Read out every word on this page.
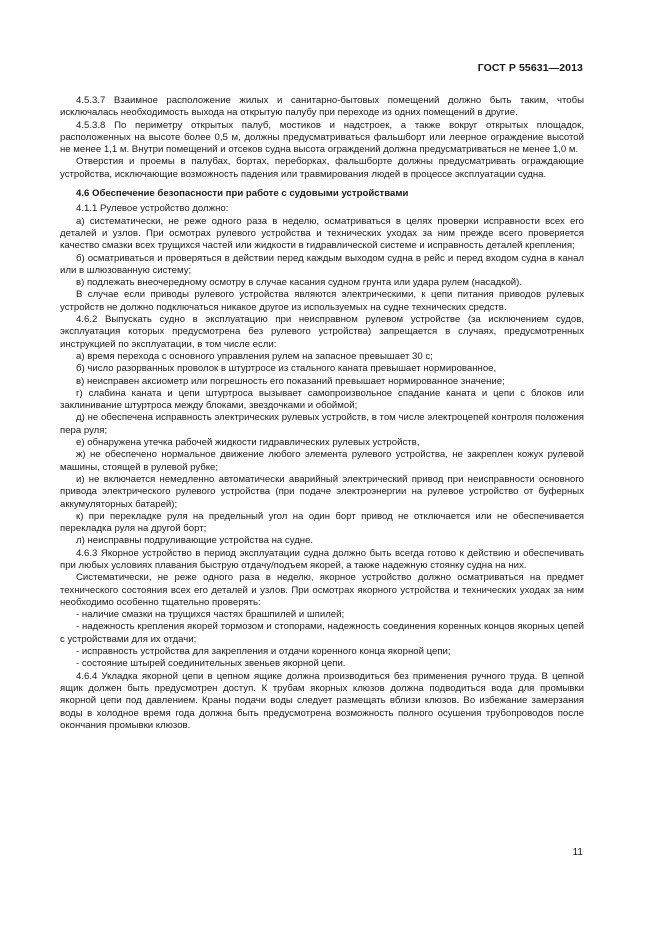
ГОСТ Р 55631—2013

4.5.3.7 Взаимное расположение жилых и санитарно-бытовых помещений должно быть таким, чтобы исключалась необходимость выхода на открытую палубу при переходе из одних помещений в другие.

4.5.3.8 По периметру открытых палуб, мостиков и надстроек, а также вокруг открытых площадок, расположенных на высоте более 0,5 м, должны предусматриваться фальшборт или леерное ограждение высотой не менее 1,1 м. Внутри помещений и отсеков судна высота ограждений должна предусматриваться не менее 1,0 м.

Отверстия и проемы в палубах, бортах, переборках, фальшборте должны предусматривать ограждающие устройства, исключающие возможность падения или травмирования людей в процессе эксплуатации судна.

4.6 Обеспечение безопасности при работе с судовыми устройствами

4.1.1 Рулевое устройство должно:

а) систематически, не реже одного раза в неделю, осматриваться в целях проверки исправности всех его деталей и узлов. При осмотрах рулевого устройства и технических уходах за ним прежде всего проверяется качество смазки всех трущихся частей или жидкости в гидравлической системе и исправность деталей крепления;

б) осматриваться и проверяться в действии перед каждым выходом судна в рейс и перед входом судна в канал или в шлюзованную систему;

в) подлежать внеочередному осмотру в случае касания судном грунта или удара рулем (насадкой).

В случае если приводы рулевого устройства являются электрическими, к цепи питания приводов рулевых устройств не должно подключаться никакое другое из используемых на судне технических средств.

4.6.2 Выпускать судно в эксплуатацию при неисправном рулевом устройстве (за исключением судов, эксплуатация которых предусмотрена без рулевого устройства) запрещается в случаях, предусмотренных инструкцией по эксплуатации, в том числе если:

а) время перехода с основного управления рулем на запасное превышает 30 с;

б) число разорванных проволок в штуртросе из стального каната превышает нормированное,

в) неисправен аксиометр или погрешность его показаний превышает нормированное значение;

г) слабина каната и цепи штуртроса вызывает самопроизвольное спадание каната и цепи с блоков или заклинивание штуртроса между блоками, звездочками и обоймой;

д) не обеспечена исправность электрических рулевых устройств, в том числе электроцепей контроля положения пера руля;

е) обнаружена утечка рабочей жидкости гидравлических рулевых устройств,

ж) не обеспечено нормальное движение любого элемента рулевого устройства, не закреплен кожух рулевой машины, стоящей в рулевой рубке;

и) не включается немедленно автоматически аварийный электрический привод при неисправности основного привода электрического рулевого устройства (при подаче электроэнергии на рулевое устройство от буферных аккумуляторных батарей);

к) при перекладке руля на предельный угол на один борт привод не отключается или не обеспечивается перекладка руля на другой борт;

л) неисправны подруливающие устройства на судне.

4.6.3 Якорное устройство в период эксплуатации судна должно быть всегда готово к действию и обеспечивать при любых условиях плавания быструю отдачу/подъем якорей, а также надежную стоянку судна на них.

Систематически, не реже одного раза в неделю, якорное устройство должно осматриваться на предмет технического состояния всех его деталей и узлов. При осмотрах якорного устройства и технических уходах за ним необходимо особенно тщательно проверять:

- наличие смазки на трущихся частях брашпилей и шпилей;

- надежность крепления якорей тормозом и стопорами, надежность соединения коренных концов якорных цепей с устройствами для их отдачи;

- исправность устройства для закрепления и отдачи коренного конца якорной цепи;

- состояние штырей соединительных звеньев якорной цепи.

4.6.4 Укладка якорной цепи в цепном ящике должна производиться без применения ручного труда. В цепной ящик должен быть предусмотрен доступ. К трубам якорных клюзов должна подводиться вода для промывки якорной цепи под давлением. Краны подачи воды следует размещать вблизи клюзов. Во избежание замерзания воды в холодное время года должна быть предусмотрена возможность полного осушения трубопроводов после окончания промывки клюзов.

11
